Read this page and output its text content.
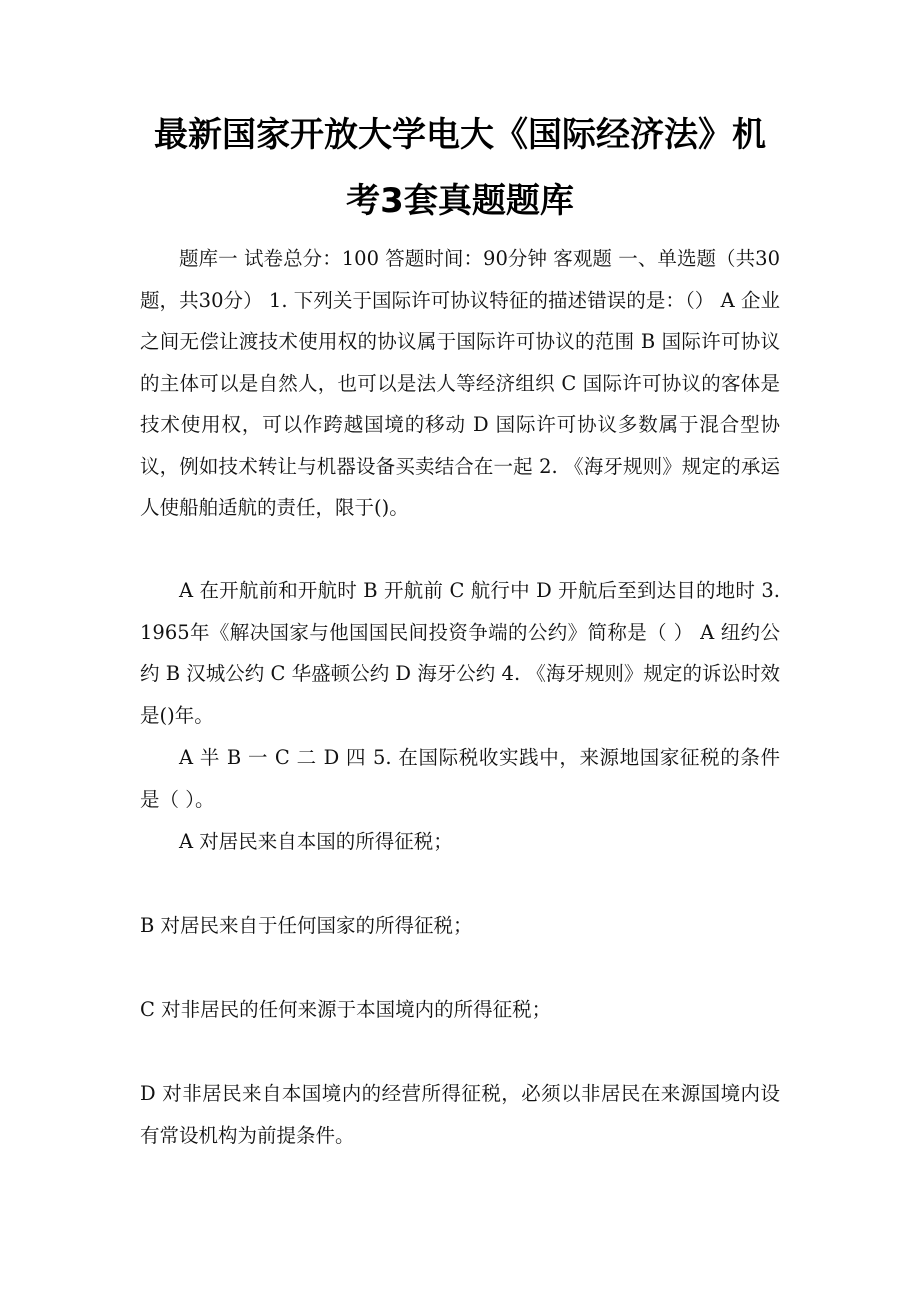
最新国家开放大学电大《国际经济法》机
考3套真题题库

题库一 试卷总分：100 答题时间：90分钟 客观题 一、单选题（共30题，共30分） 1. 下列关于国际许可协议特征的描述错误的是：（） A 企业之间无偿让渡技术使用权的协议属于国际许可协议的范围 B 国际许可协议的主体可以是自然人，也可以是法人等经济组织 C 国际许可协议的客体是技术使用权，可以作跨越国境的移动 D 国际许可协议多数属于混合型协议，例如技术转让与机器设备买卖结合在一起 2. 《海牙规则》规定的承运人使船舶适航的责任，限于()。

A 在开航前和开航时 B 开航前 C 航行中 D 开航后至到达目的地时 3. 1965年《解决国家与他国国民间投资争端的公约》简称是（ ） A 纽约公约 B 汉城公约 C 华盛顿公约 D 海牙公约 4. 《海牙规则》规定的诉讼时效是()年。

A 半 B 一 C 二 D 四 5. 在国际税收实践中，来源地国家征税的条件是（ ）。

A 对居民来自本国的所得征税；

B 对居民来自于任何国家的所得征税；

C 对非居民的任何来源于本国境内的所得征税；

D 对非居民来自本国境内的经营所得征税，必须以非居民在来源国境内设有常设机构为前提条件。
